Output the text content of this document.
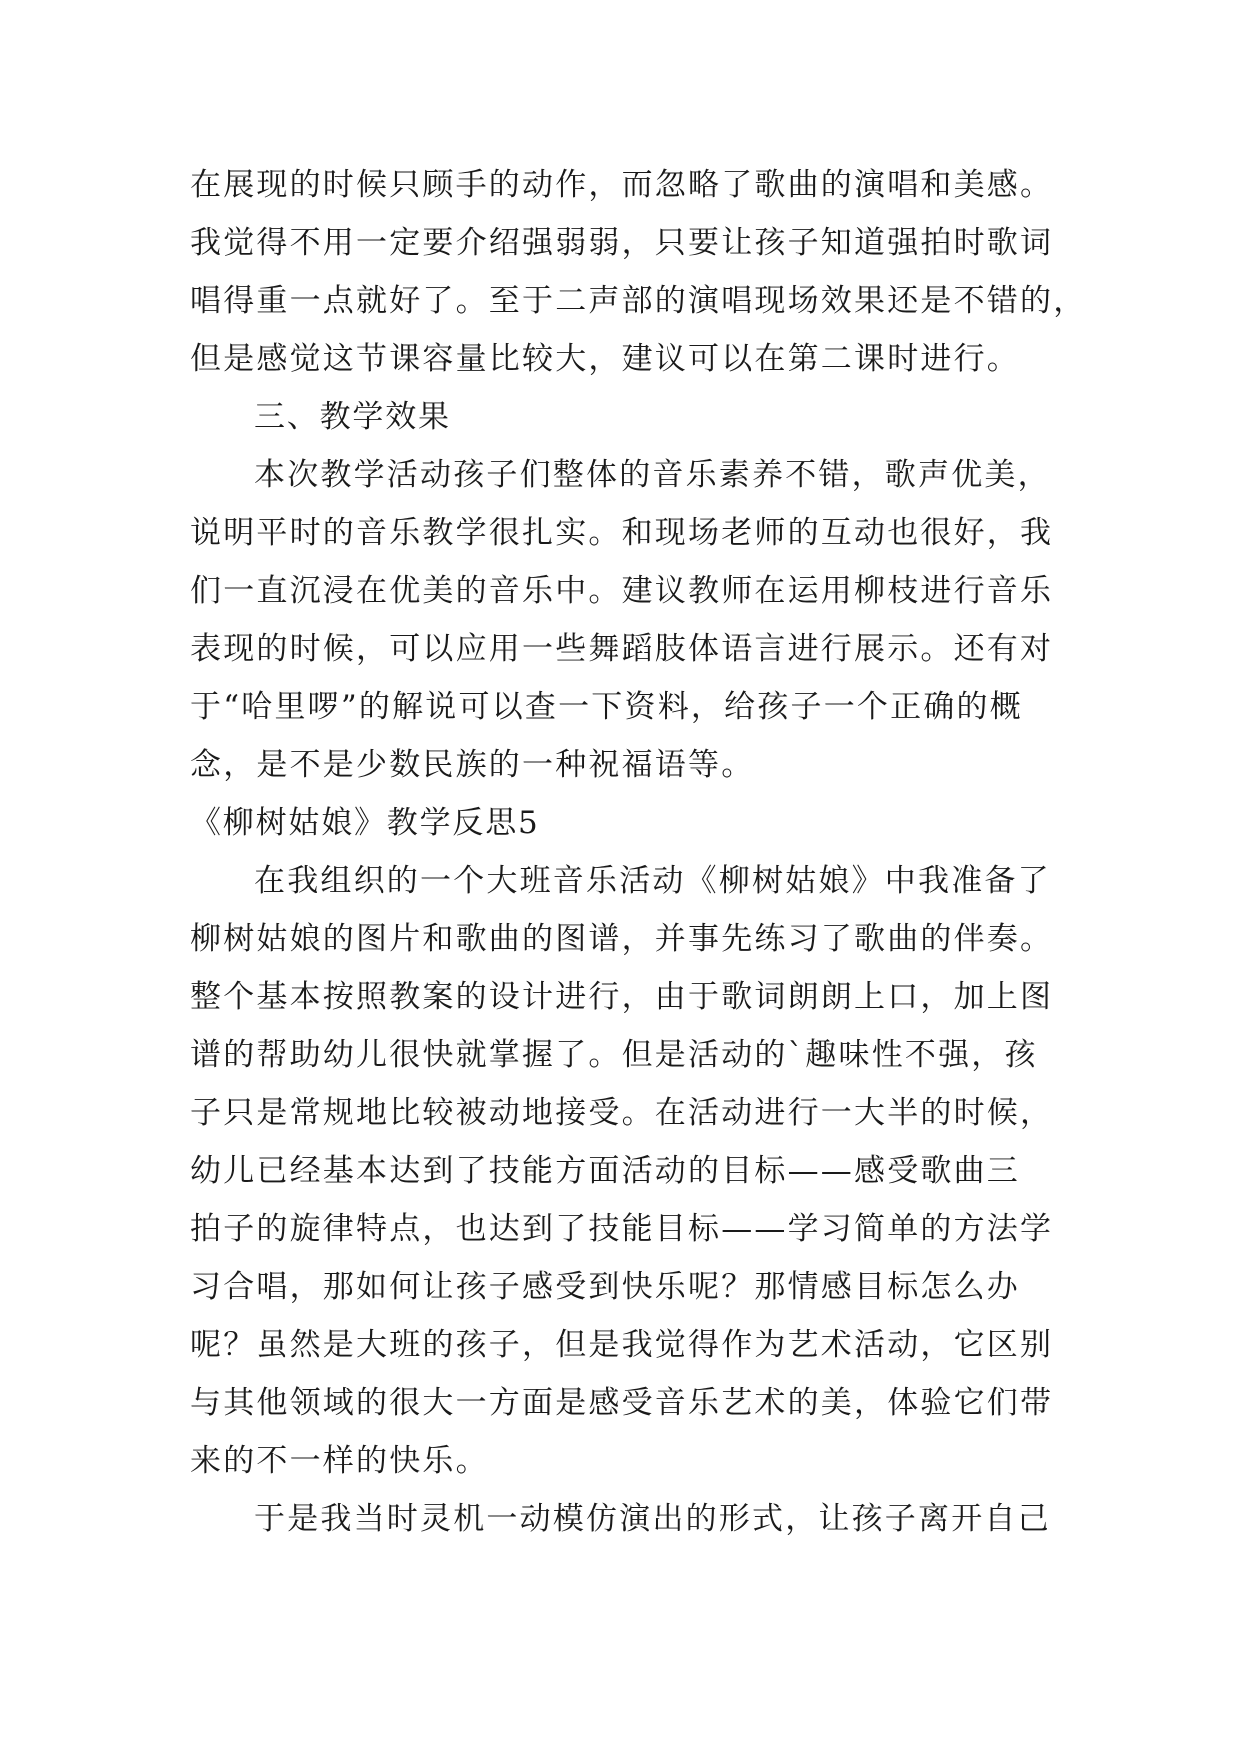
在展现的时候只顾手的动作，而忽略了歌曲的演唱和美感。
我觉得不用一定要介绍强弱弱，只要让孩子知道强拍时歌词
唱得重一点就好了。至于二声部的演唱现场效果还是不错的，
但是感觉这节课容量比较大，建议可以在第二课时进行。
三、教学效果
本次教学活动孩子们整体的音乐素养不错，歌声优美，
说明平时的音乐教学很扎实。和现场老师的互动也很好，我
们一直沉浸在优美的音乐中。建议教师在运用柳枝进行音乐
表现的时候，可以应用一些舞蹈肢体语言进行展示。还有对
于“哈里啰”的解说可以查一下资料，给孩子一个正确的概
念，是不是少数民族的一种祝福语等。
《柳树姑娘》教学反思5
在我组织的一个大班音乐活动《柳树姑娘》中我准备了
柳树姑娘的图片和歌曲的图谱，并事先练习了歌曲的伴奏。
整个基本按照教案的设计进行，由于歌词朗朗上口，加上图
谱的帮助幼儿很快就掌握了。但是活动的`趣味性不强，孩
子只是常规地比较被动地接受。在活动进行一大半的时候，
幼儿已经基本达到了技能方面活动的目标——感受歌曲三
拍子的旋律特点，也达到了技能目标——学习简单的方法学
习合唱，那如何让孩子感受到快乐呢？那情感目标怎么办
呢？虽然是大班的孩子，但是我觉得作为艺术活动，它区别
与其他领域的很大一方面是感受音乐艺术的美，体验它们带
来的不一样的快乐。
于是我当时灵机一动模仿演出的形式，让孩子离开自己
